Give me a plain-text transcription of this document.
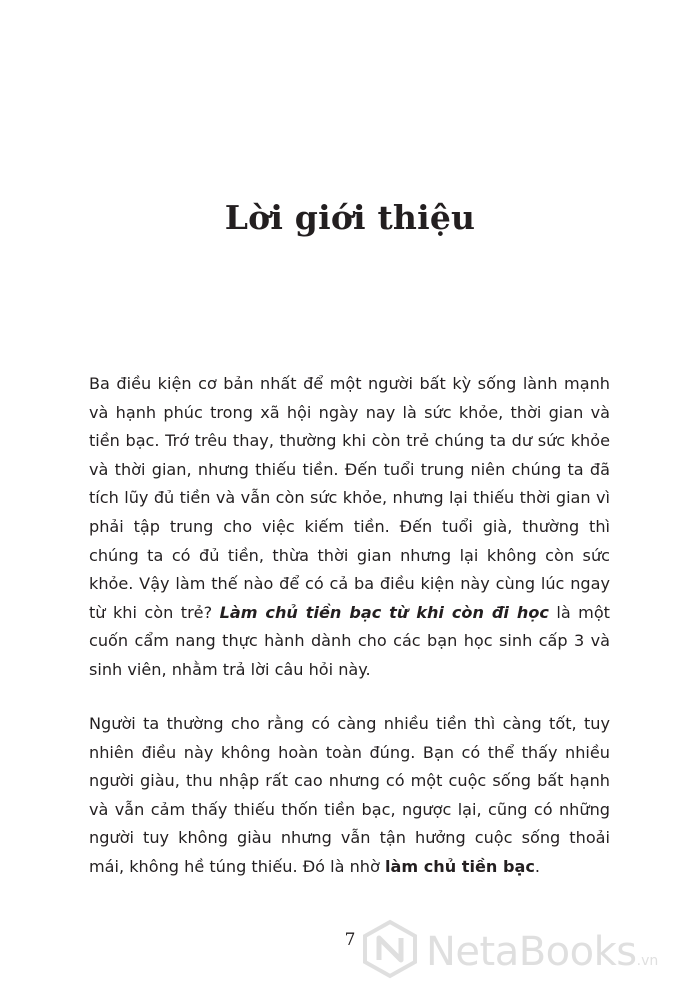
Lời giới thiệu

Ba điều kiện cơ bản nhất để một người bất kỳ sống lành mạnh và hạnh phúc trong xã hội ngày nay là sức khỏe, thời gian và tiền bạc. Trớ trêu thay, thường khi còn trẻ chúng ta dư sức khỏe và thời gian, nhưng thiếu tiền. Đến tuổi trung niên chúng ta đã tích lũy đủ tiền và vẫn còn sức khỏe, nhưng lại thiếu thời gian vì phải tập trung cho việc kiếm tiền. Đến tuổi già, thường thì chúng ta có đủ tiền, thừa thời gian nhưng lại không còn sức khỏe. Vậy làm thế nào để có cả ba điều kiện này cùng lúc ngay từ khi còn trẻ? Làm chủ tiền bạc từ khi còn đi học là một cuốn cẩm nang thực hành dành cho các bạn học sinh cấp 3 và sinh viên, nhằm trả lời câu hỏi này.

Người ta thường cho rằng có càng nhiều tiền thì càng tốt, tuy nhiên điều này không hoàn toàn đúng. Bạn có thể thấy nhiều người giàu, thu nhập rất cao nhưng có một cuộc sống bất hạnh và vẫn cảm thấy thiếu thốn tiền bạc, ngược lại, cũng có những người tuy không giàu nhưng vẫn tận hưởng cuộc sống thoải mái, không hề túng thiếu. Đó là nhờ làm chủ tiền bạc.

7	NetaBooks.vn
